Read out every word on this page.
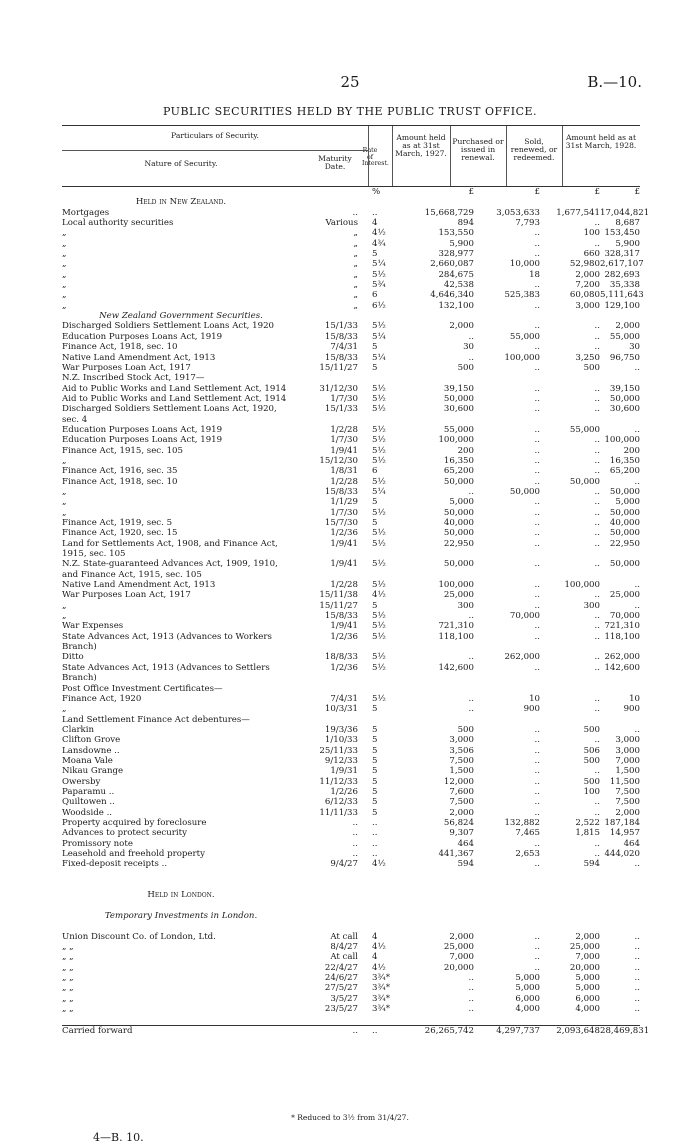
25	B.—10.
PUBLIC SECURITIES HELD BY THE PUBLIC TRUST OFFICE.
Particulars of Security.
Nature of Security.
Maturity Date.
Rate of Interest.
Amount held as at 31st March, 1927.
Purchased or issued in renewal.
Sold, renewed, or redeemed.
Amount held as at 31st March, 1928.
%	£	£	£	£
Held in New Zealand.
Mortgages	.. ..	15,668,729	3,053,633	1,677,541 17,044,821
Local authority securities	Various 4	894	7,793	..	8,687
„	„ 4½	153,550	..	100 153,450
„	„ 4¾	5,900	..	..	5,900
„	„ 5	328,977	..	660 328,317
„	„ 5¼	2,660,087	10,000	52,980 2,617,107
„	„ 5½	284,675	18	2,000 282,693
„	„ 5¾	42,538	..	7,200	35,338
„	„ 6	4,646,340	525,383	60,080 5,111,643
„	„ 6½	132,100	..	3,000 129,100
New Zealand Government Securities.
Discharged Soldiers Settlement Loans Act, 1920	15/1/33 5½	2,000	..	..	2,000
Education Purposes Loans Act, 1919	15/8/33 5¼	..	55,000	..	55,000
Finance Act, 1918, sec. 10	7/4/31 5	30	..	..	30
Native Land Amendment Act, 1913	15/8/33 5¼	..	100,000	3,250	96,750
War Purposes Loan Act, 1917	15/11/27 5	500	..	500	..
N.Z. Inscribed Stock Act, 1917—
Aid to Public Works and Land Settlement Act, 1914	31/12/30 5½	39,150	..	..	39,150
Aid to Public Works and Land Settlement Act, 1914	1/7/30 5½	50,000	..	..	50,000
Discharged Soldiers Settlement Loans Act, 1920,	15/1/33 5½	30,600	..	..	30,600
sec. 4
Education Purposes Loans Act, 1919	1/2/28 5½	55,000	..	55,000	..
Education Purposes Loans Act, 1919	1/7/30 5½	100,000	..	.. 100,000
Finance Act, 1915, sec. 105	1/9/41 5½	200	..	..	200
„	15/12/30 5½	16,350	..	..	16,350
Finance Act, 1916, sec. 35	1/8/31 6	65,200	..	..	65,200
Finance Act, 1918, sec. 10	1/2/28 5½	50,000	..	50,000	..
„	15/8/33 5¼	..	50,000	..	50,000
„	1/1/29 5	5,000	..	..	5,000
„	1/7/30 5½	50,000	..	..	50,000
Finance Act, 1919, sec. 5	15/7/30 5	40,000	..	..	40,000
Finance Act, 1920, sec. 15	1/2/36 5½	50,000	..	..	50,000
Land for Settlements Act, 1908, and Finance Act,	1/9/41 5½	22,950	..	..	22,950
1915, sec. 105
N.Z. State-guaranteed Advances Act, 1909, 1910,	1/9/41 5½	50,000	..	..	50,000
and Finance Act, 1915, sec. 105
Native Land Amendment Act, 1913	1/2/28 5½	100,000	..	100,000	..
War Purposes Loan Act, 1917	15/11/38 4½	25,000	..	..	25,000
„	15/11/27 5	300	..	300	..
„	15/8/33 5½	..	70,000	..	70,000
War Expenses	1/9/41 5½	721,310	..	.. 721,310
State Advances Act, 1913 (Advances to Workers	1/2/36 5½	118,100	..	.. 118,100
Branch)
Ditto	18/8/33 5½	..	262,000	.. 262,000
State Advances Act, 1913 (Advances to Settlers	1/2/36 5½	142,600	..	.. 142,600
Branch)
Post Office Investment Certificates—
Finance Act, 1920	7/4/31 5½	..	10	..	10
„	10/3/31 5	..	900	..	900
Land Settlement Finance Act debentures—
Clarkin	19/3/36 5	500	..	500	..
Clifton Grove	1/10/33 5	3,000	..	..	3,000
Lansdowne ..	25/11/33 5	3,506	..	506	3,000
Moana Vale	9/12/33 5	7,500	..	500	7,000
Nikau Grange	1/9/31 5	1,500	..	..	1,500
Owersby	11/12/33 5	12,000	..	500	11,500
Paparamu ..	1/2/26 5	7,600	..	100	7,500
Quiltowen ..	6/12/33 5	7,500	..	..	7,500
Woodside ..	11/11/33 5	2,000	..	..	2,000
Property acquired by foreclosure	.. ..	56,824	132,882	2,522 187,184
Advances to protect security	.. ..	9,307	7,465	1,815	14,957
Promissory note	.. ..	464	..	..	464
Leasehold and freehold property	.. ..	441,367	2,653	.. 444,020
Fixed-deposit receipts ..	9/4/27 4½	594	..	594	..
Held in London.
Temporary Investments in London.
Union Discount Co. of London, Ltd.	At call 4	2,000	..	2,000	..
„ „	8/4/27 4½	25,000	..	25,000	..
„ „	At call 4	7,000	..	7,000	..
„ „	22/4/27 4½	20,000	..	20,000	..
„ „	24/6/27 3¾*	..	5,000	5,000	..
„ „	27/5/27 3¾*	..	5,000	5,000	..
„ „	3/5/27 3¾*	..	6,000	6,000	..
„ „	23/5/27 3¾*	..	4,000	4,000	..
Carried forward	.. ..	26,265,742	4,297,737	2,093,648 28,469,831
* Reduced to 3½ from 31/4/27.
4—B. 10.
